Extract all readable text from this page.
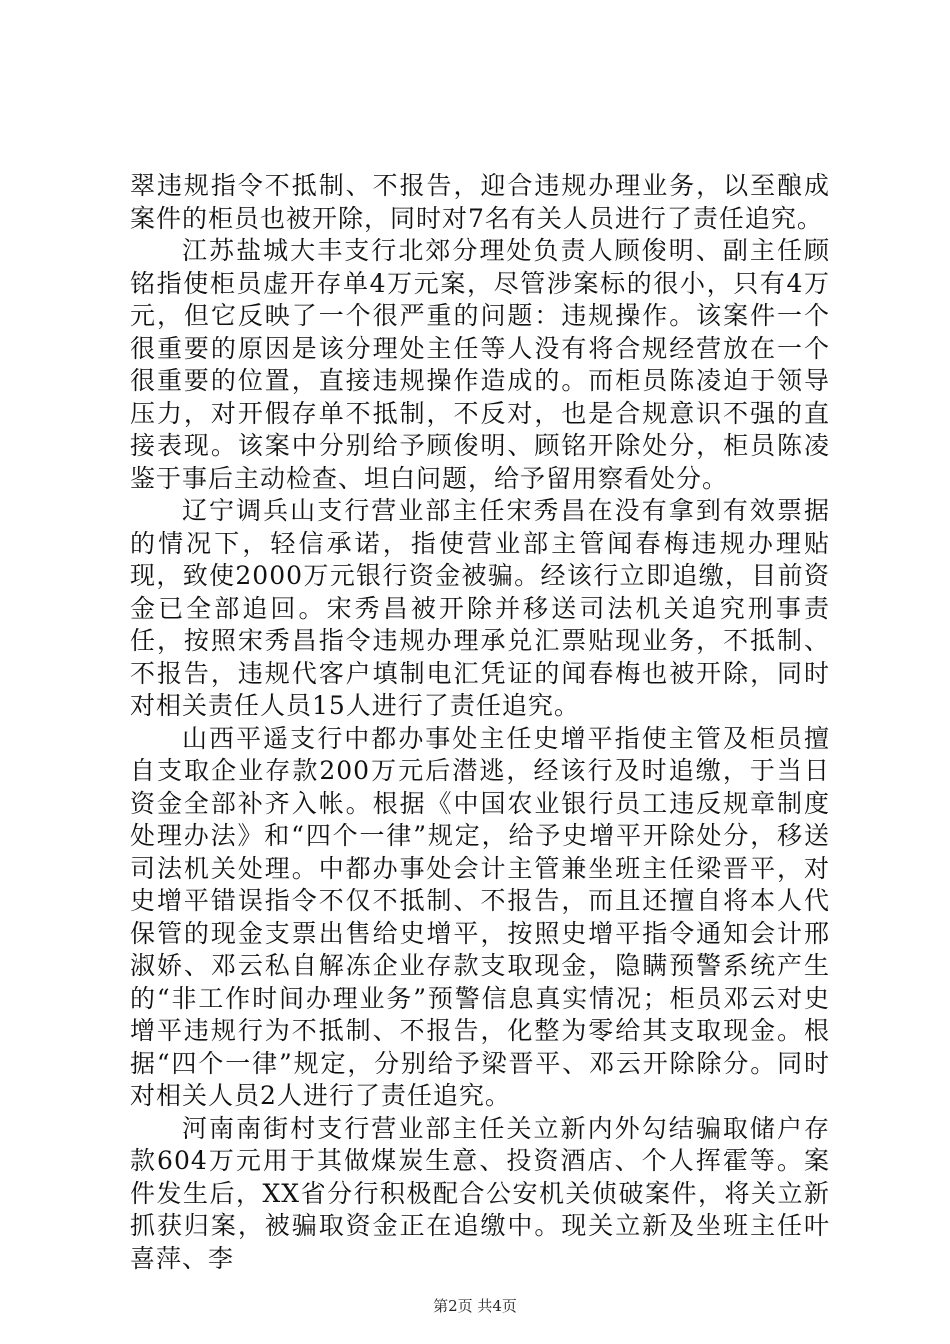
翠违规指令不抵制、不报告，迎合违规办理业务，以至酿成案件的柜员也被开除，同时对7名有关人员进行了责任追究。

江苏盐城大丰支行北郊分理处负责人顾俊明、副主任顾铭指使柜员虚开存单4万元案，尽管涉案标的很小，只有4万元，但它反映了一个很严重的问题：违规操作。该案件一个很重要的原因是该分理处主任等人没有将合规经营放在一个很重要的位置，直接违规操作造成的。而柜员陈凌迫于领导压力，对开假存单不抵制，不反对，也是合规意识不强的直接表现。该案中分别给予顾俊明、顾铭开除处分，柜员陈凌鉴于事后主动检查、坦白问题，给予留用察看处分。

辽宁调兵山支行营业部主任宋秀昌在没有拿到有效票据的情况下，轻信承诺，指使营业部主管闻春梅违规办理贴现，致使2000万元银行资金被骗。经该行立即追缴，目前资金已全部追回。宋秀昌被开除并移送司法机关追究刑事责任，按照宋秀昌指令违规办理承兑汇票贴现业务，不抵制、不报告，违规代客户填制电汇凭证的闻春梅也被开除，同时对相关责任人员15人进行了责任追究。

山西平遥支行中都办事处主任史增平指使主管及柜员擅自支取企业存款200万元后潜逃，经该行及时追缴，于当日资金全部补齐入帐。根据《中国农业银行员工违反规章制度处理办法》和“四个一律”规定，给予史增平开除处分，移送司法机关处理。中都办事处会计主管兼坐班主任梁晋平，对史增平错误指令不仅不抵制、不报告，而且还擅自将本人代保管的现金支票出售给史增平，按照史增平指令通知会计邢淑娇、邓云私自解冻企业存款支取现金，隐瞒预警系统产生的“非工作时间办理业务”预警信息真实情况；柜员邓云对史增平违规行为不抵制、不报告，化整为零给其支取现金。根据“四个一律”规定，分别给予梁晋平、邓云开除除分。同时对相关人员2人进行了责任追究。

河南南街村支行营业部主任关立新内外勾结骗取储户存款604万元用于其做煤炭生意、投资酒店、个人挥霍等。案件发生后，XX省分行积极配合公安机关侦破案件，将关立新抓获归案，被骗取资金正在追缴中。现关立新及坐班主任叶喜萍、李

第2页 共4页
